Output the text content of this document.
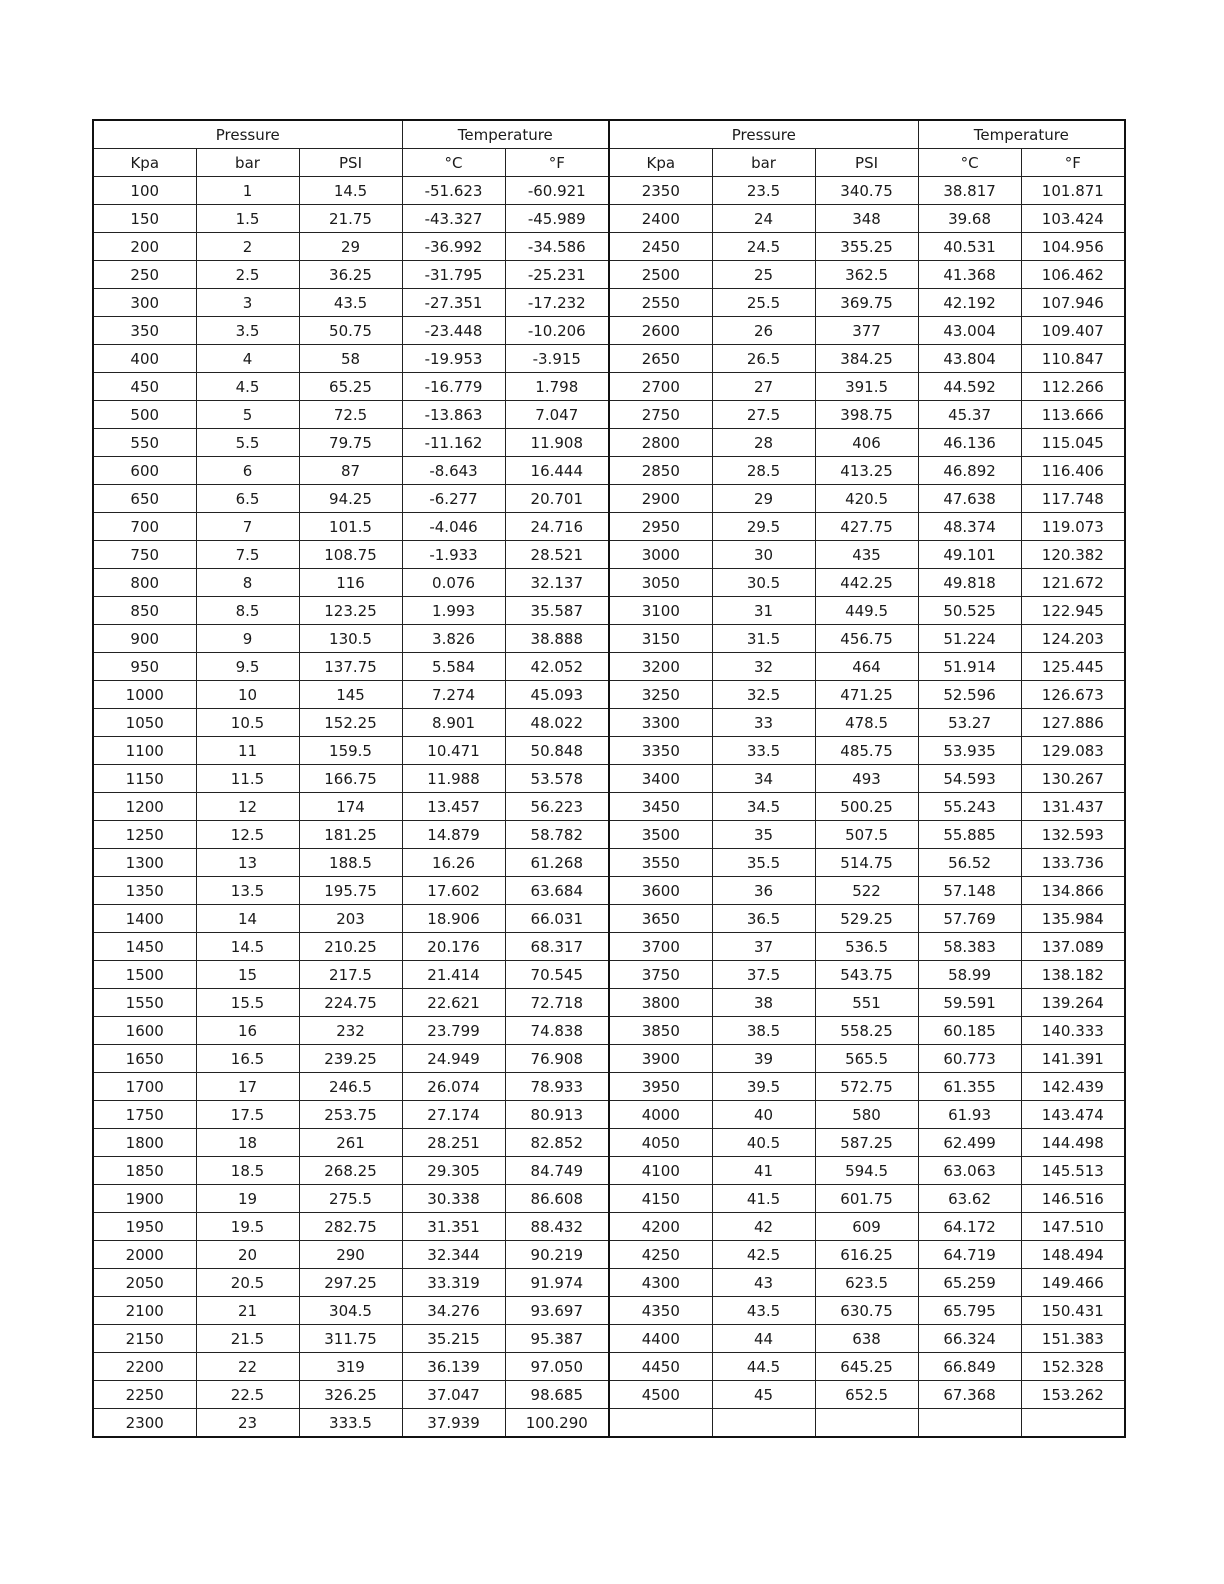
Pressure			Temperature		Pressure			Temperature	
Kpa	bar	PSI	°C	°F	Kpa	bar	PSI	°C	°F
100	1	14.5	-51.623	-60.921	2350	23.5	340.75	38.817	101.871
150	1.5	21.75	-43.327	-45.989	2400	24	348	39.68	103.424
200	2	29	-36.992	-34.586	2450	24.5	355.25	40.531	104.956
250	2.5	36.25	-31.795	-25.231	2500	25	362.5	41.368	106.462
300	3	43.5	-27.351	-17.232	2550	25.5	369.75	42.192	107.946
350	3.5	50.75	-23.448	-10.206	2600	26	377	43.004	109.407
400	4	58	-19.953	-3.915	2650	26.5	384.25	43.804	110.847
450	4.5	65.25	-16.779	1.798	2700	27	391.5	44.592	112.266
500	5	72.5	-13.863	7.047	2750	27.5	398.75	45.37	113.666
550	5.5	79.75	-11.162	11.908	2800	28	406	46.136	115.045
600	6	87	-8.643	16.444	2850	28.5	413.25	46.892	116.406
650	6.5	94.25	-6.277	20.701	2900	29	420.5	47.638	117.748
700	7	101.5	-4.046	24.716	2950	29.5	427.75	48.374	119.073
750	7.5	108.75	-1.933	28.521	3000	30	435	49.101	120.382
800	8	116	0.076	32.137	3050	30.5	442.25	49.818	121.672
850	8.5	123.25	1.993	35.587	3100	31	449.5	50.525	122.945
900	9	130.5	3.826	38.888	3150	31.5	456.75	51.224	124.203
950	9.5	137.75	5.584	42.052	3200	32	464	51.914	125.445
1000	10	145	7.274	45.093	3250	32.5	471.25	52.596	126.673
1050	10.5	152.25	8.901	48.022	3300	33	478.5	53.27	127.886
1100	11	159.5	10.471	50.848	3350	33.5	485.75	53.935	129.083
1150	11.5	166.75	11.988	53.578	3400	34	493	54.593	130.267
1200	12	174	13.457	56.223	3450	34.5	500.25	55.243	131.437
1250	12.5	181.25	14.879	58.782	3500	35	507.5	55.885	132.593
1300	13	188.5	16.26	61.268	3550	35.5	514.75	56.52	133.736
1350	13.5	195.75	17.602	63.684	3600	36	522	57.148	134.866
1400	14	203	18.906	66.031	3650	36.5	529.25	57.769	135.984
1450	14.5	210.25	20.176	68.317	3700	37	536.5	58.383	137.089
1500	15	217.5	21.414	70.545	3750	37.5	543.75	58.99	138.182
1550	15.5	224.75	22.621	72.718	3800	38	551	59.591	139.264
1600	16	232	23.799	74.838	3850	38.5	558.25	60.185	140.333
1650	16.5	239.25	24.949	76.908	3900	39	565.5	60.773	141.391
1700	17	246.5	26.074	78.933	3950	39.5	572.75	61.355	142.439
1750	17.5	253.75	27.174	80.913	4000	40	580	61.93	143.474
1800	18	261	28.251	82.852	4050	40.5	587.25	62.499	144.498
1850	18.5	268.25	29.305	84.749	4100	41	594.5	63.063	145.513
1900	19	275.5	30.338	86.608	4150	41.5	601.75	63.62	146.516
1950	19.5	282.75	31.351	88.432	4200	42	609	64.172	147.510
2000	20	290	32.344	90.219	4250	42.5	616.25	64.719	148.494
2050	20.5	297.25	33.319	91.974	4300	43	623.5	65.259	149.466
2100	21	304.5	34.276	93.697	4350	43.5	630.75	65.795	150.431
2150	21.5	311.75	35.215	95.387	4400	44	638	66.324	151.383
2200	22	319	36.139	97.050	4450	44.5	645.25	66.849	152.328
2250	22.5	326.25	37.047	98.685	4500	45	652.5	67.368	153.262
2300	23	333.5	37.939	100.290					
